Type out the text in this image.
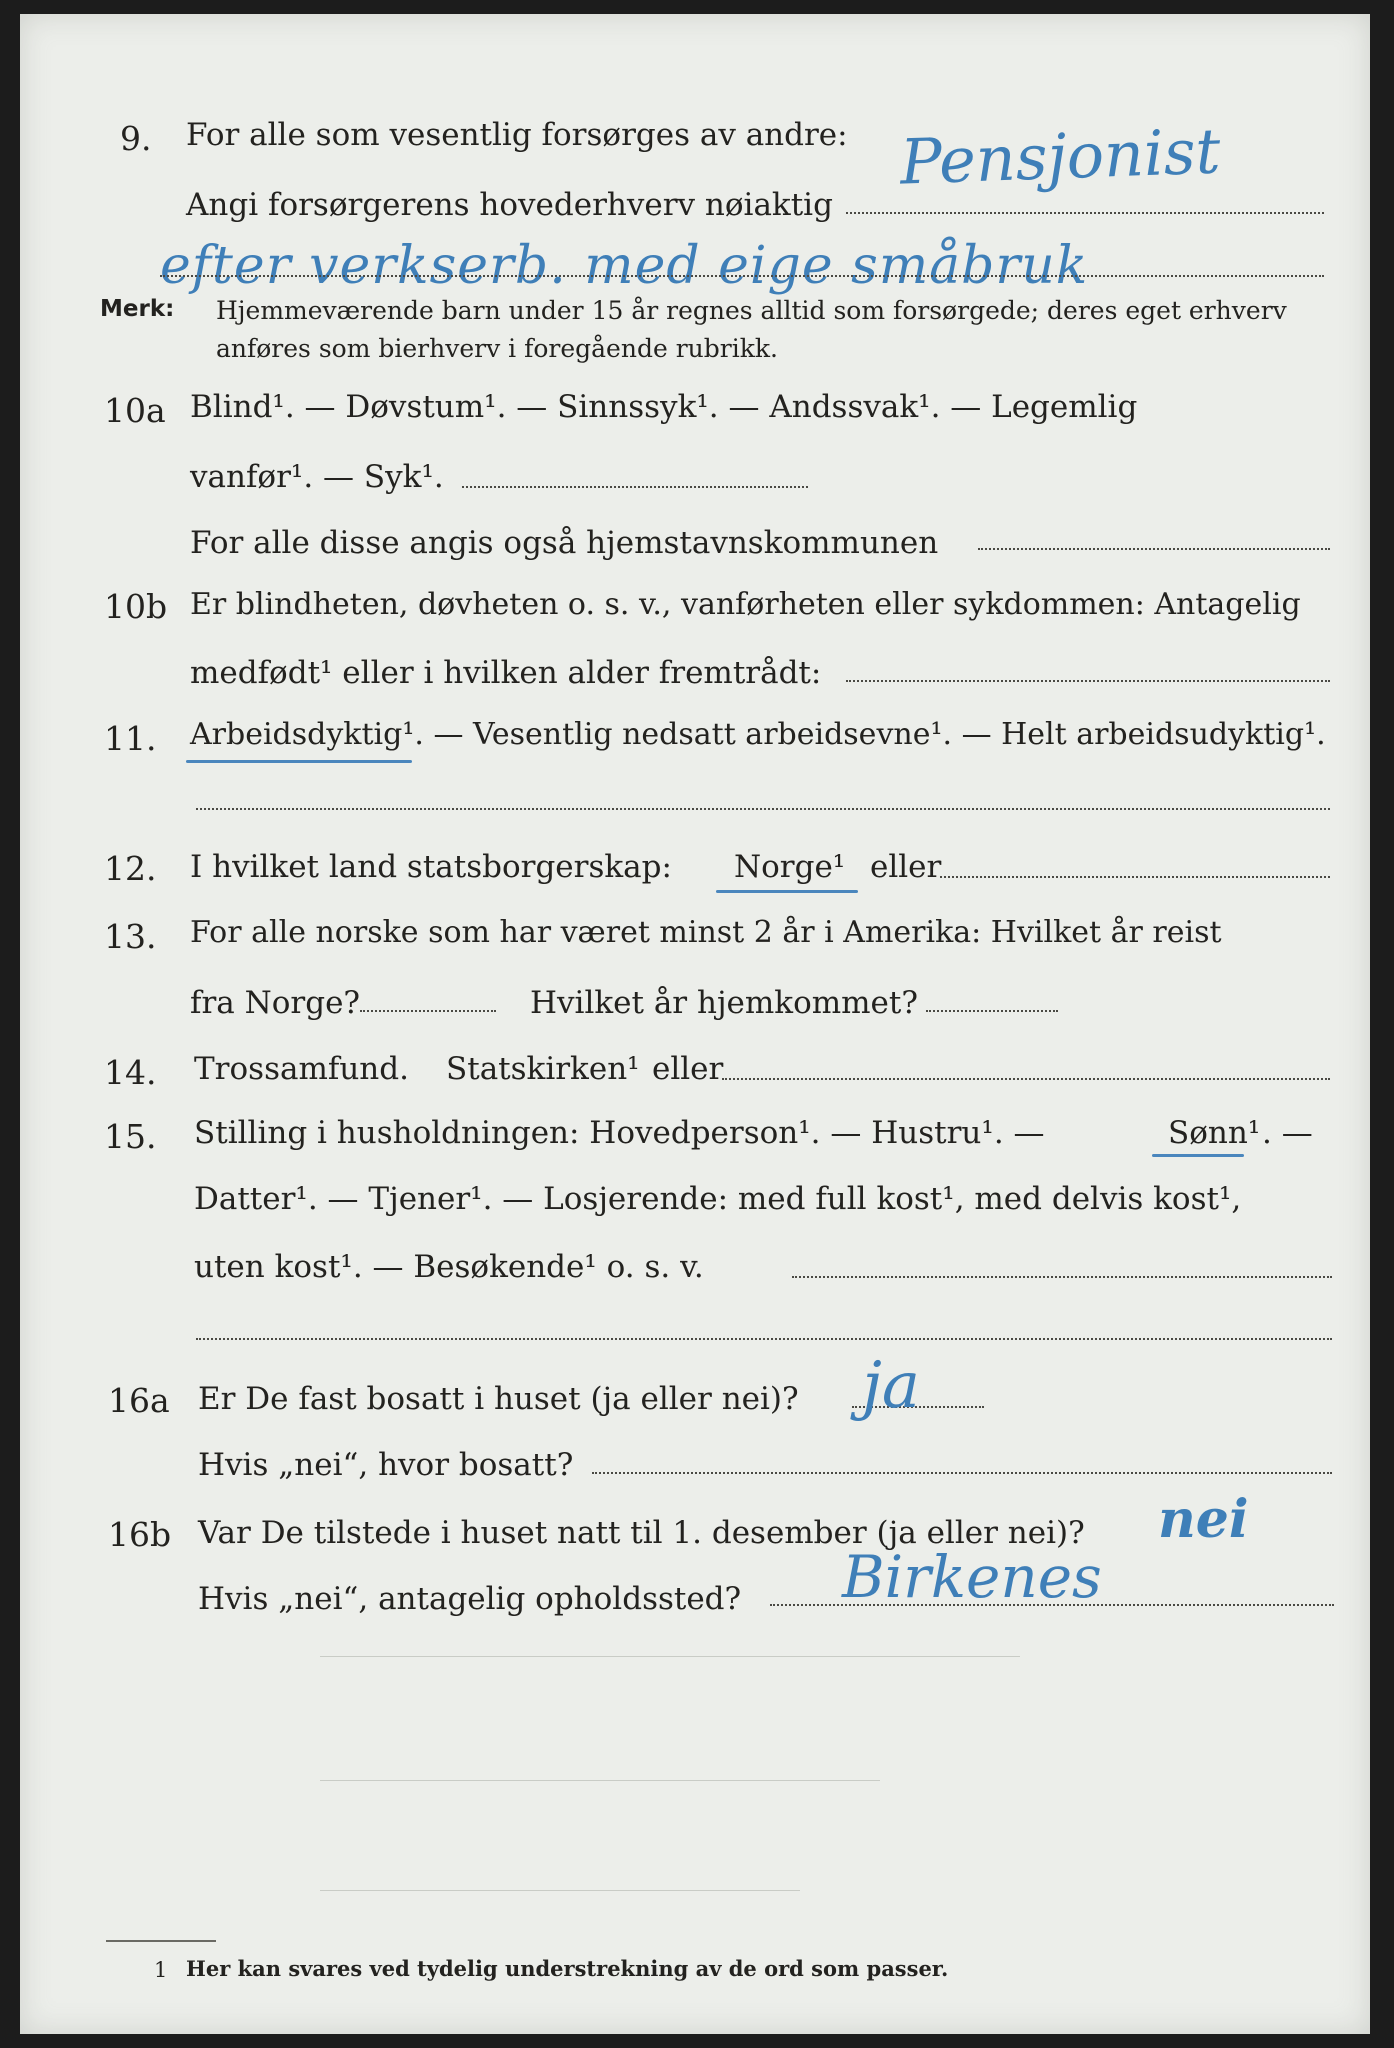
9. For alle som vesentlig forsørges av andre: Pensjonist
Angi forsørgerens hovederhverv nøiaktig
efter verkserb. med eige småbruk
Merk: Hjemmeværende barn under 15 år regnes alltid som forsørgede; deres eget erhverv
anføres som bierhverv i foregående rubrikk.
10a Blind¹. — Døvstum¹. — Sinnssyk¹. — Andssvak¹. — Legemlig
vanfør¹. — Syk¹.
For alle disse angis også hjemstavnskommunen
10b Er blindheten, døvheten o. s. v., vanførheten eller sykdommen: Antagelig
medfødt¹ eller i hvilken alder fremtrådt:
11. Arbeidsdyktig¹. — Vesentlig nedsatt arbeidsevne¹. — Helt arbeidsudyktig¹.
12. I hvilket land statsborgerskap: Norge¹ eller
13. For alle norske som har været minst 2 år i Amerika: Hvilket år reist
fra Norge?	Hvilket år hjemkommet?
14. Trossamfund. Statskirken¹ eller
15. Stilling i husholdningen: Hovedperson¹. — Hustru¹. —	Sønn¹ . —
Datter¹. — Tjener¹. — Losjerende: med full kost¹, med delvis kost¹,
uten kost¹. — Besøkende¹ o. s. v.
16a Er De fast bosatt i huset (ja eller nei)? ja
Hvis „nei“, hvor bosatt?
16b Var De tilstede i huset natt til 1. desember (ja eller nei)? nei
Hvis „nei“, antagelig opholdssted? Birkenes
1 Her kan svares ved tydelig understrekning av de ord som passer.
